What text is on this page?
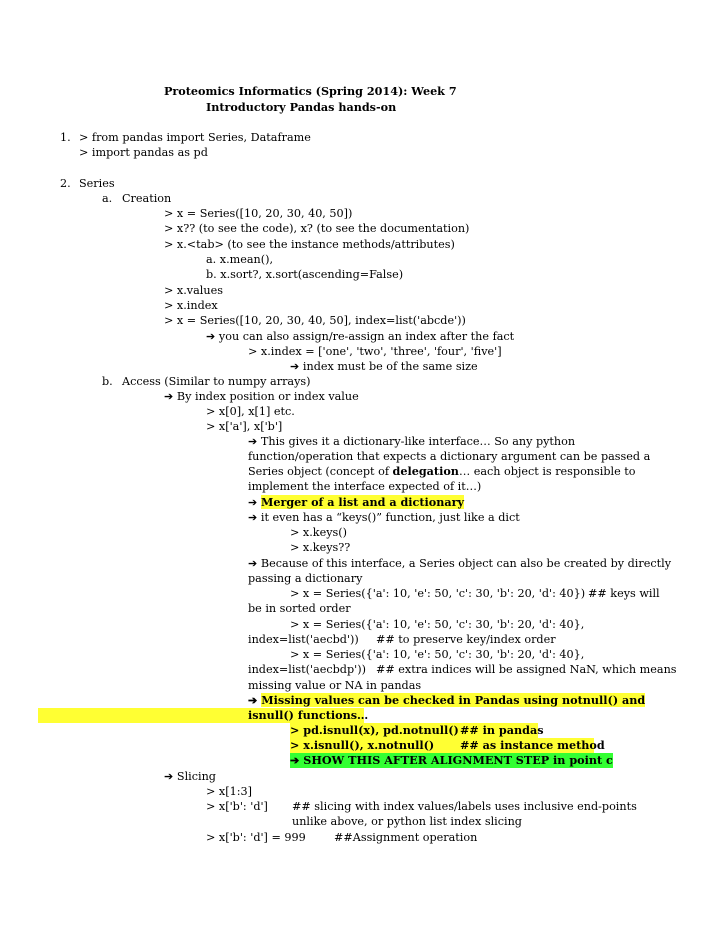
Proteomics Informatics (Spring 2014): Week 7
Introductory Pandas hands-on
1. > from pandas import Series, Dataframe
> import pandas as pd
2. Series
a. Creation
> x = Series([10, 20, 30, 40, 50])
> x?? (to see the code), x? (to see the documentation)
> x.<tab> (to see the instance methods/attributes)
a. x.mean(),
b. x.sort?, x.sort(ascending=False)
> x.values
> x.index
> x = Series([10, 20, 30, 40, 50], index=list('abcde'))
➔ you can also assign/re-assign an index after the fact
> x.index = ['one', 'two', 'three', 'four', 'five']
➔ index must be of the same size
b. Access (Similar to numpy arrays)
➔ By index position or index value
> x[0], x[1] etc.
> x['a'], x['b']
➔ This gives it a dictionary-like interface… So any python
function/operation that expects a dictionary argument can be passed a
Series object (concept of delegation… each object is responsible to
implement the interface expected of it…)
➔ Merger of a list and a dictionary
➔ it even has a “keys()” function, just like a dict
> x.keys()
> x.keys??
➔ Because of this interface, a Series object can also be created by directly
passing a dictionary
> x = Series({'a': 10, 'e': 50, 'c': 30, 'b': 20, 'd': 40}) ## keys will
be in sorted order
> x = Series({'a': 10, 'e': 50, 'c': 30, 'b': 20, 'd': 40},
index=list('aecbd')) ## to preserve key/index order
> x = Series({'a': 10, 'e': 50, 'c': 30, 'b': 20, 'd': 40},
index=list('aecbdp')) ## extra indices will be assigned NaN, which means
missing value or NA in pandas
➔ Missing values can be checked in Pandas using notnull() and
isnull() functions…
> pd.isnull(x), pd.notnull() ## in pandas
> x.isnull(), x.notnull() ## as instance method
➔ SHOW THIS AFTER ALIGNMENT STEP in point c
➔ Slicing
> x[1:3]
> x['b': 'd'] ## slicing with index values/labels uses inclusive end-points
unlike above, or python list index slicing
> x['b': 'd'] = 999	##Assignment operation
